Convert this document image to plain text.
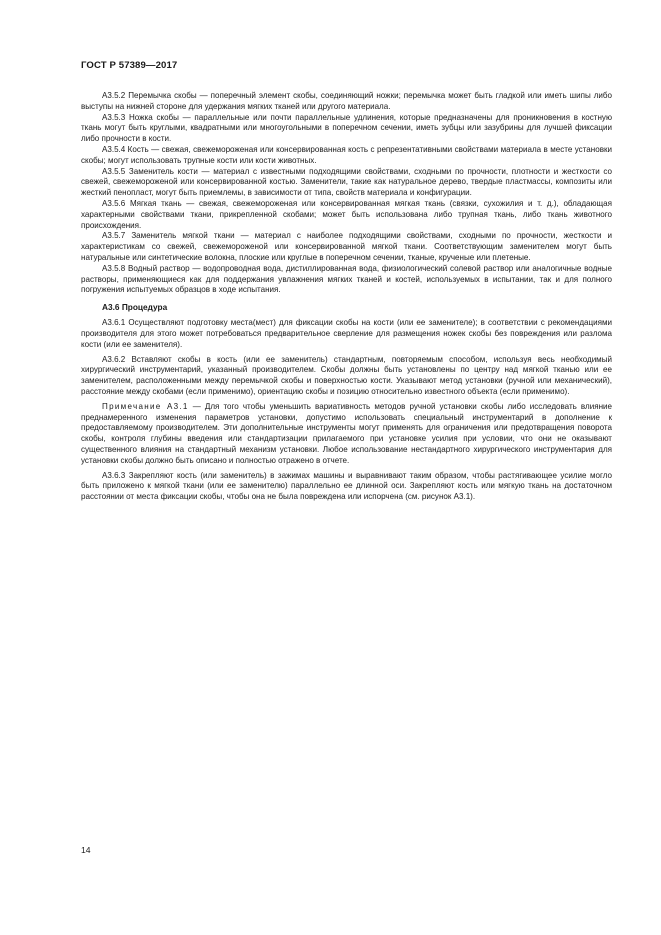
ГОСТ Р 57389—2017

А3.5.2 Перемычка скобы — поперечный элемент скобы, соединяющий ножки; перемычка может быть гладкой или иметь шипы либо выступы на нижней стороне для удержания мягких тканей или другого материала.

А3.5.3 Ножка скобы — параллельные или почти параллельные удлинения, которые предназначены для проникновения в костную ткань могут быть круглыми, квадратными или многоугольными в поперечном сечении, иметь зубцы или зазубрины для лучшей фиксации либо прочности в кости.

А3.5.4 Кость — свежая, свежемороженая или консервированная кость с репрезентативными свойствами материала в месте установки скобы; могут использовать трупные кости или кости животных.

А3.5.5 Заменитель кости — материал с известными подходящими свойствами, сходными по прочности, плотности и жесткости со свежей, свежемороженой или консервированной костью. Заменители, такие как натуральное дерево, твердые пластмассы, композиты или жесткий пенопласт, могут быть приемлемы, в зависимости от типа, свойств материала и конфигурации.

А3.5.6 Мягкая ткань — свежая, свежемороженая или консервированная мягкая ткань (связки, сухожилия и т. д.), обладающая характерными свойствами ткани, прикрепленной скобами; может быть использована либо трупная ткань, либо ткань животного происхождения.

А3.5.7 Заменитель мягкой ткани — материал с наиболее подходящими свойствами, сходными по прочности, жесткости и характеристикам со свежей, свежемороженой или консервированной мягкой ткани. Соответствующим заменителем могут быть натуральные или синтетические волокна, плоские или круглые в поперечном сечении, тканые, крученые или плетеные.

А3.5.8 Водный раствор — водопроводная вода, дистиллированная вода, физиологический солевой раствор или аналогичные водные растворы, применяющиеся как для поддержания увлажнения мягких тканей и костей, используемых в испытании, так и для полного погружения испытуемых образцов в ходе испытания.

А3.6 Процедура

А3.6.1 Осуществляют подготовку места(мест) для фиксации скобы на кости (или ее заменителе); в соответствии с рекомендациями производителя для этого может потребоваться предварительное сверление для размещения ножек скобы без повреждения или разлома кости (или ее заменителя).

А3.6.2 Вставляют скобы в кость (или ее заменитель) стандартным, повторяемым способом, используя весь необходимый хирургический инструментарий, указанный производителем. Скобы должны быть установлены по центру над мягкой тканью или ее заменителем, расположенными между перемычкой скобы и поверхностью кости. Указывают метод установки (ручной или механический), расстояние между скобами (если применимо), ориентацию скобы и позицию относительно известного объекта (если применимо).

Примечание А3.1 — Для того чтобы уменьшить вариативность методов ручной установки скобы либо исследовать влияние преднамеренного изменения параметров установки, допустимо использовать специальный инструментарий в дополнение к предоставляемому производителем. Эти дополнительные инструменты могут применять для ограничения или предотвращения поворота скобы, контроля глубины введения или стандартизации прилагаемого при установке усилия при условии, что они не оказывают существенного влияния на стандартный механизм установки. Любое использование нестандартного хирургического инструментария для установки скобы должно быть описано и полностью отражено в отчете.

А3.6.3 Закрепляют кость (или заменитель) в зажимах машины и выравнивают таким образом, чтобы растягивающее усилие могло быть приложено к мягкой ткани (или ее заменителю) параллельно ее длинной оси. Закрепляют кость или мягкую ткань на достаточном расстоянии от места фиксации скобы, чтобы она не была повреждена или испорчена (см. рисунок А3.1).

14
